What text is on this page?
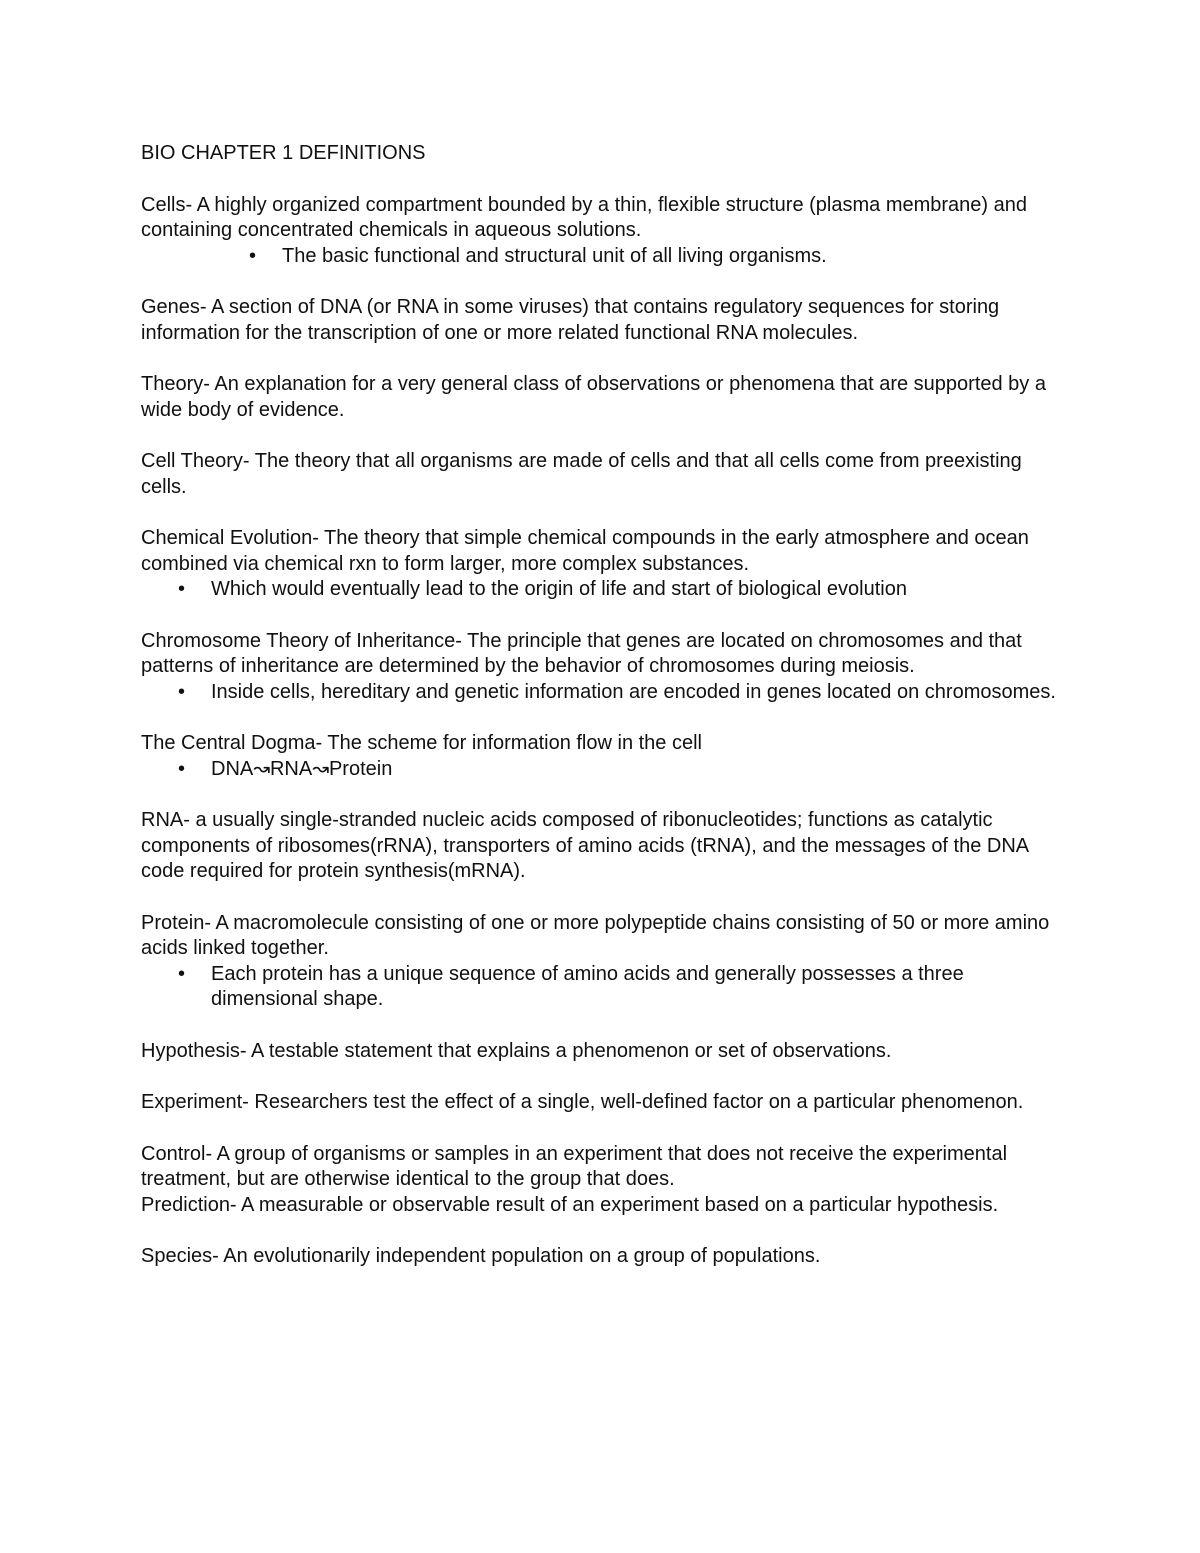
BIO CHAPTER 1 DEFINITIONS

Cells- A highly organized compartment bounded by a thin, flexible structure (plasma membrane) and containing concentrated chemicals in aqueous solutions.

• The basic functional and structural unit of all living organisms.

Genes- A section of DNA (or RNA in some viruses) that contains regulatory sequences for storing information for the transcription of one or more related functional RNA molecules.

Theory- An explanation for a very general class of observations or phenomena that are supported by a wide body of evidence.

Cell Theory- The theory that all organisms are made of cells and that all cells come from preexisting cells.

Chemical Evolution- The theory that simple chemical compounds in the early atmosphere and ocean combined via chemical rxn to form larger, more complex substances.

• Which would eventually lead to the origin of life and start of biological evolution

Chromosome Theory of Inheritance- The principle that genes are located on chromosomes and that patterns of inheritance are determined by the behavior of chromosomes during meiosis.

• Inside cells, hereditary and genetic information are encoded in genes located on chromosomes.

The Central Dogma- The scheme for information flow in the cell

• DNA↝RNA↝Protein

RNA- a usually single-stranded nucleic acids composed of ribonucleotides; functions as catalytic components of ribosomes(rRNA), transporters of amino acids (tRNA), and the messages of the DNA code required for protein synthesis(mRNA).

Protein- A macromolecule consisting of one or more polypeptide chains consisting of 50 or more amino acids linked together.

• Each protein has a unique sequence of amino acids and generally possesses a three dimensional shape.

Hypothesis- A testable statement that explains a phenomenon or set of observations.

Experiment- Researchers test the effect of a single, well-defined factor on a particular phenomenon.

Control- A group of organisms or samples in an experiment that does not receive the experimental treatment, but are otherwise identical to the group that does.

Prediction- A measurable or observable result of an experiment based on a particular hypothesis.

Species- An evolutionarily independent population on a group of populations.
